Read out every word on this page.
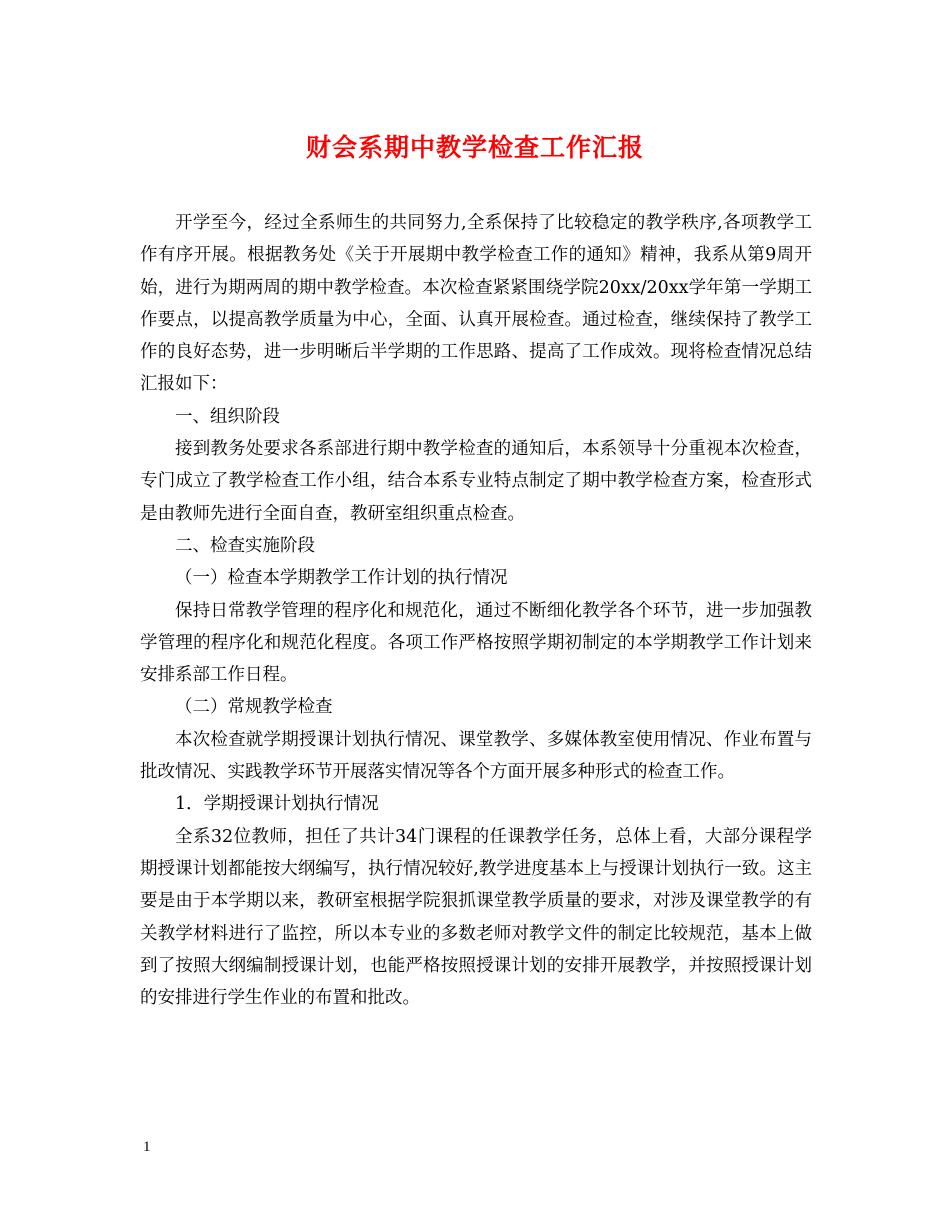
财会系期中教学检查工作汇报

开学至今，经过全系师生的共同努力,全系保持了比较稳定的教学秩序,各项教学工作有序开展。根据教务处《关于开展期中教学检查工作的通知》精神，我系从第9周开始，进行为期两周的期中教学检查。本次检查紧紧围绕学院20xx/20xx学年第一学期工作要点，以提高教学质量为中心，全面、认真开展检查。通过检查，继续保持了教学工作的良好态势，进一步明晰后半学期的工作思路、提高了工作成效。现将检查情况总结汇报如下：

一、组织阶段

接到教务处要求各系部进行期中教学检查的通知后，本系领导十分重视本次检查，专门成立了教学检查工作小组，结合本系专业特点制定了期中教学检查方案，检查形式是由教师先进行全面自查，教研室组织重点检查。

二、检查实施阶段

（一）检查本学期教学工作计划的执行情况

保持日常教学管理的程序化和规范化，通过不断细化教学各个环节，进一步加强教学管理的程序化和规范化程度。各项工作严格按照学期初制定的本学期教学工作计划来安排系部工作日程。

（二）常规教学检查

本次检查就学期授课计划执行情况、课堂教学、多媒体教室使用情况、作业布置与批改情况、实践教学环节开展落实情况等各个方面开展多种形式的检查工作。

1．学期授课计划执行情况

全系32位教师，担任了共计34门课程的任课教学任务，总体上看，大部分课程学期授课计划都能按大纲编写，执行情况较好,教学进度基本上与授课计划执行一致。这主要是由于本学期以来，教研室根据学院狠抓课堂教学质量的要求，对涉及课堂教学的有关教学材料进行了监控，所以本专业的多数老师对教学文件的制定比较规范，基本上做到了按照大纲编制授课计划，也能严格按照授课计划的安排开展教学，并按照授课计划的安排进行学生作业的布置和批改。

1
